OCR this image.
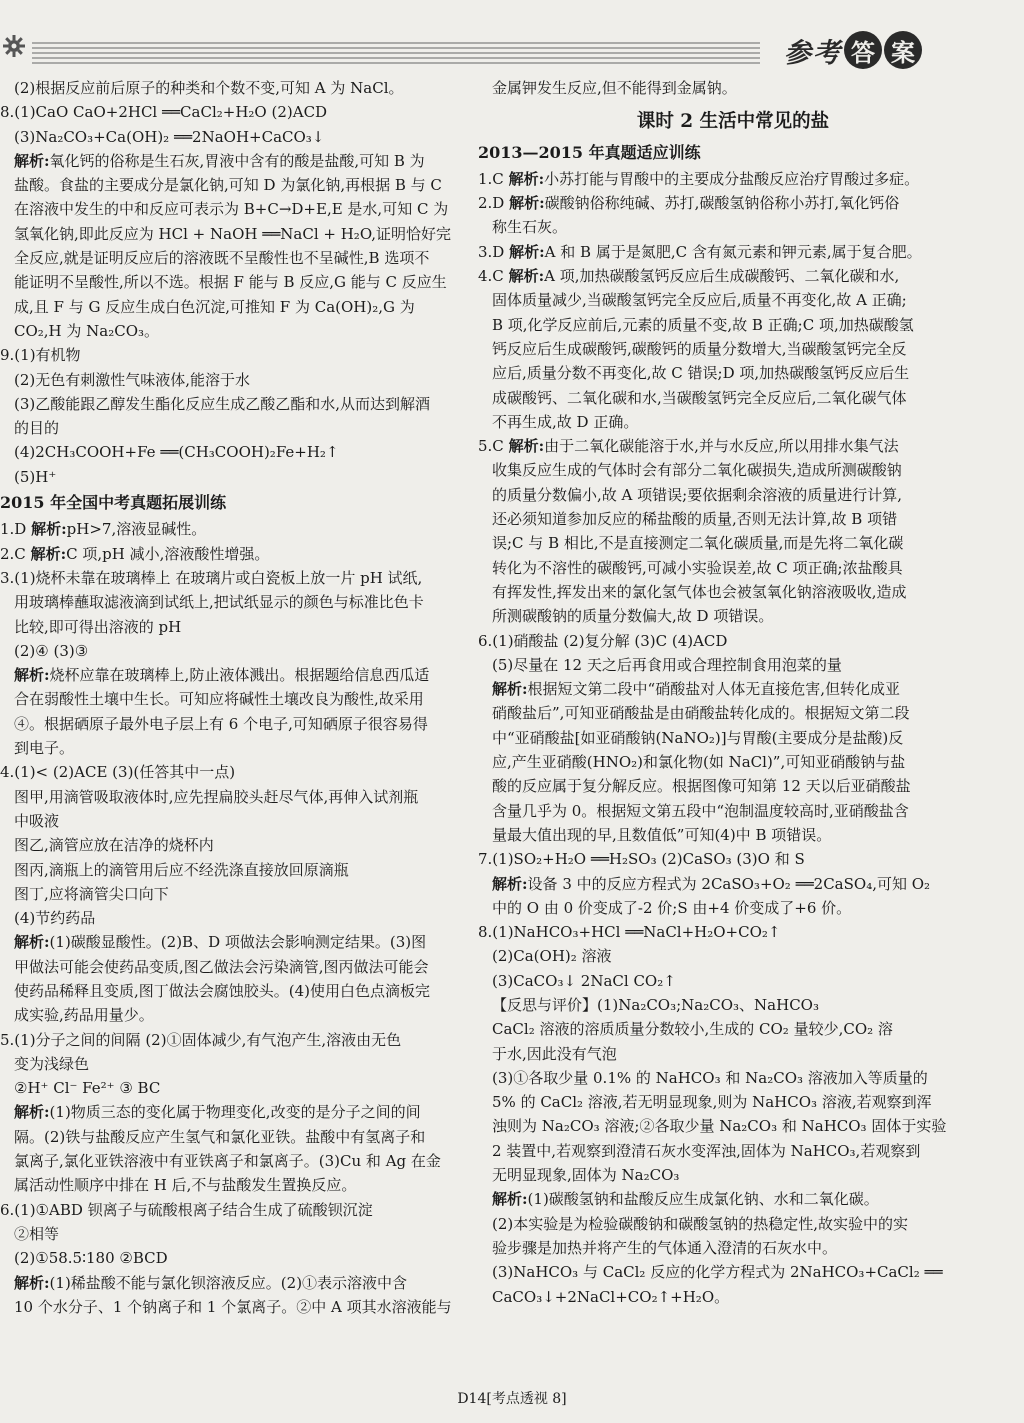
参考 答 案
(2)根据反应前后原子的种类和个数不变,可知 A 为 NaCl。
8.(1)CaO CaO+2HCl ══CaCl₂+H₂O (2)ACD
(3)Na₂CO₃+Ca(OH)₂ ══2NaOH+CaCO₃↓
解析:氧化钙的俗称是生石灰,胃液中含有的酸是盐酸,可知 B 为
盐酸。食盐的主要成分是氯化钠,可知 D 为氯化钠,再根据 B 与 C
在溶液中发生的中和反应可表示为 B+C→D+E,E 是水,可知 C 为
氢氧化钠,即此反应为 HCl + NaOH ══NaCl + H₂O,证明恰好完
全反应,就是证明反应后的溶液既不呈酸性也不呈碱性,B 选项不
能证明不呈酸性,所以不选。根据 F 能与 B 反应,G 能与 C 反应生
成,且 F 与 G 反应生成白色沉淀,可推知 F 为 Ca(OH)₂,G 为
CO₂,H 为 Na₂CO₃。
9.(1)有机物
(2)无色有刺激性气味液体,能溶于水
(3)乙酸能跟乙醇发生酯化反应生成乙酸乙酯和水,从而达到解酒
的目的
(4)2CH₃COOH+Fe ══(CH₃COOH)₂Fe+H₂↑
(5)H⁺
2015 年全国中考真题拓展训练
1.D 解析:pH>7,溶液显碱性。
2.C 解析:C 项,pH 减小,溶液酸性增强。
3.(1)烧杯未靠在玻璃棒上 在玻璃片或白瓷板上放一片 pH 试纸,
用玻璃棒蘸取滤液滴到试纸上,把试纸显示的颜色与标准比色卡
比较,即可得出溶液的 pH
(2)④ (3)③
解析:烧杯应靠在玻璃棒上,防止液体溅出。根据题给信息西瓜适
合在弱酸性土壤中生长。可知应将碱性土壤改良为酸性,故采用
④。根据硒原子最外电子层上有 6 个电子,可知硒原子很容易得
到电子。
4.(1)< (2)ACE (3)(任答其中一点)
图甲,用滴管吸取液体时,应先捏扁胶头赶尽气体,再伸入试剂瓶
中吸液
图乙,滴管应放在洁净的烧杯内
图丙,滴瓶上的滴管用后应不经洗涤直接放回原滴瓶
图丁,应将滴管尖口向下
(4)节约药品
解析:(1)碳酸显酸性。(2)B、D 项做法会影响测定结果。(3)图
甲做法可能会使药品变质,图乙做法会污染滴管,图丙做法可能会
使药品稀释且变质,图丁做法会腐蚀胶头。(4)使用白色点滴板完
成实验,药品用量少。
5.(1)分子之间的间隔 (2)①固体减少,有气泡产生,溶液由无色
变为浅绿色
②H⁺ Cl⁻ Fe²⁺ ③ BC
解析:(1)物质三态的变化属于物理变化,改变的是分子之间的间
隔。(2)铁与盐酸反应产生氢气和氯化亚铁。盐酸中有氢离子和
氯离子,氯化亚铁溶液中有亚铁离子和氯离子。(3)Cu 和 Ag 在金
属活动性顺序中排在 H 后,不与盐酸发生置换反应。
6.(1)①ABD 钡离子与硫酸根离子结合生成了硫酸钡沉淀
②相等
(2)①58.5∶180 ②BCD
解析:(1)稀盐酸不能与氯化钡溶液反应。(2)①表示溶液中含
10 个水分子、1 个钠离子和 1 个氯离子。②中 A 项其水溶液能与
金属钾发生反应,但不能得到金属钠。
课时 2 生活中常见的盐
2013—2015 年真题适应训练
1.C 解析:小苏打能与胃酸中的主要成分盐酸反应治疗胃酸过多症。
2.D 解析:碳酸钠俗称纯碱、苏打,碳酸氢钠俗称小苏打,氧化钙俗
称生石灰。
3.D 解析:A 和 B 属于是氮肥,C 含有氮元素和钾元素,属于复合肥。
4.C 解析:A 项,加热碳酸氢钙反应后生成碳酸钙、二氧化碳和水,
固体质量减少,当碳酸氢钙完全反应后,质量不再变化,故 A 正确;
B 项,化学反应前后,元素的质量不变,故 B 正确;C 项,加热碳酸氢
钙反应后生成碳酸钙,碳酸钙的质量分数增大,当碳酸氢钙完全反
应后,质量分数不再变化,故 C 错误;D 项,加热碳酸氢钙反应后生
成碳酸钙、二氧化碳和水,当碳酸氢钙完全反应后,二氧化碳气体
不再生成,故 D 正确。
5.C 解析:由于二氧化碳能溶于水,并与水反应,所以用排水集气法
收集反应生成的气体时会有部分二氧化碳损失,造成所测碳酸钠
的质量分数偏小,故 A 项错误;要依据剩余溶液的质量进行计算,
还必须知道参加反应的稀盐酸的质量,否则无法计算,故 B 项错
误;C 与 B 相比,不是直接测定二氧化碳质量,而是先将二氧化碳
转化为不溶性的碳酸钙,可减小实验误差,故 C 项正确;浓盐酸具
有挥发性,挥发出来的氯化氢气体也会被氢氧化钠溶液吸收,造成
所测碳酸钠的质量分数偏大,故 D 项错误。
6.(1)硝酸盐 (2)复分解 (3)C (4)ACD
(5)尽量在 12 天之后再食用或合理控制食用泡菜的量
解析:根据短文第二段中“硝酸盐对人体无直接危害,但转化成亚
硝酸盐后”,可知亚硝酸盐是由硝酸盐转化成的。根据短文第二段
中“亚硝酸盐[如亚硝酸钠(NaNO₂)]与胃酸(主要成分是盐酸)反
应,产生亚硝酸(HNO₂)和氯化物(如 NaCl)”,可知亚硝酸钠与盐
酸的反应属于复分解反应。根据图像可知第 12 天以后亚硝酸盐
含量几乎为 0。根据短文第五段中“泡制温度较高时,亚硝酸盐含
量最大值出现的早,且数值低”可知(4)中 B 项错误。
7.(1)SO₂+H₂O ══H₂SO₃ (2)CaSO₃ (3)O 和 S
解析:设备 3 中的反应方程式为 2CaSO₃+O₂ ══2CaSO₄,可知 O₂
中的 O 由 0 价变成了-2 价;S 由+4 价变成了+6 价。
8.(1)NaHCO₃+HCl ══NaCl+H₂O+CO₂↑
(2)Ca(OH)₂ 溶液
(3)CaCO₃↓ 2NaCl CO₂↑
【反思与评价】(1)Na₂CO₃;Na₂CO₃、NaHCO₃
CaCl₂ 溶液的溶质质量分数较小,生成的 CO₂ 量较少,CO₂ 溶
于水,因此没有气泡
(3)①各取少量 0.1% 的 NaHCO₃ 和 Na₂CO₃ 溶液加入等质量的
5% 的 CaCl₂ 溶液,若无明显现象,则为 NaHCO₃ 溶液,若观察到浑
浊则为 Na₂CO₃ 溶液;②各取少量 Na₂CO₃ 和 NaHCO₃ 固体于实验
2 装置中,若观察到澄清石灰水变浑浊,固体为 NaHCO₃,若观察到
无明显现象,固体为 Na₂CO₃
解析:(1)碳酸氢钠和盐酸反应生成氯化钠、水和二氧化碳。
(2)本实验是为检验碳酸钠和碳酸氢钠的热稳定性,故实验中的实
验步骤是加热并将产生的气体通入澄清的石灰水中。
(3)NaHCO₃ 与 CaCl₂ 反应的化学方程式为 2NaHCO₃+CaCl₂ ══
CaCO₃↓+2NaCl+CO₂↑+H₂O。
D14[考点透视 8]
